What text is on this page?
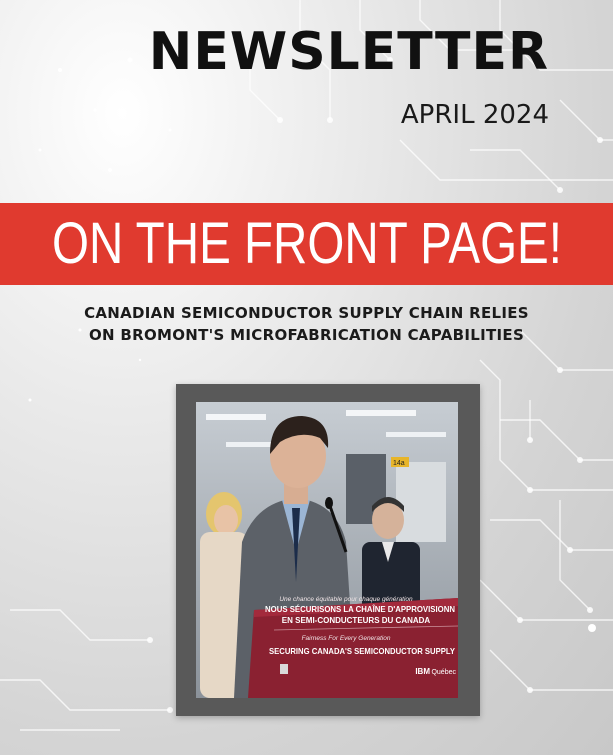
NEWSLETTER
APRIL 2024
ON THE FRONT PAGE!
CANADIAN SEMICONDUCTOR SUPPLY CHAIN RELIES
ON BROMONT'S MICROFABRICATION CAPABILITIES
14a
Une chance équitable pour chaque génération
NOUS SÉCURISONS LA CHAÎNE D'APPROVISIONN
EN SEMI-CONDUCTEURS DU CANADA
Fairness For Every Generation
SECURING CANADA'S SEMICONDUCTOR SUPPLY
IBM Québec
